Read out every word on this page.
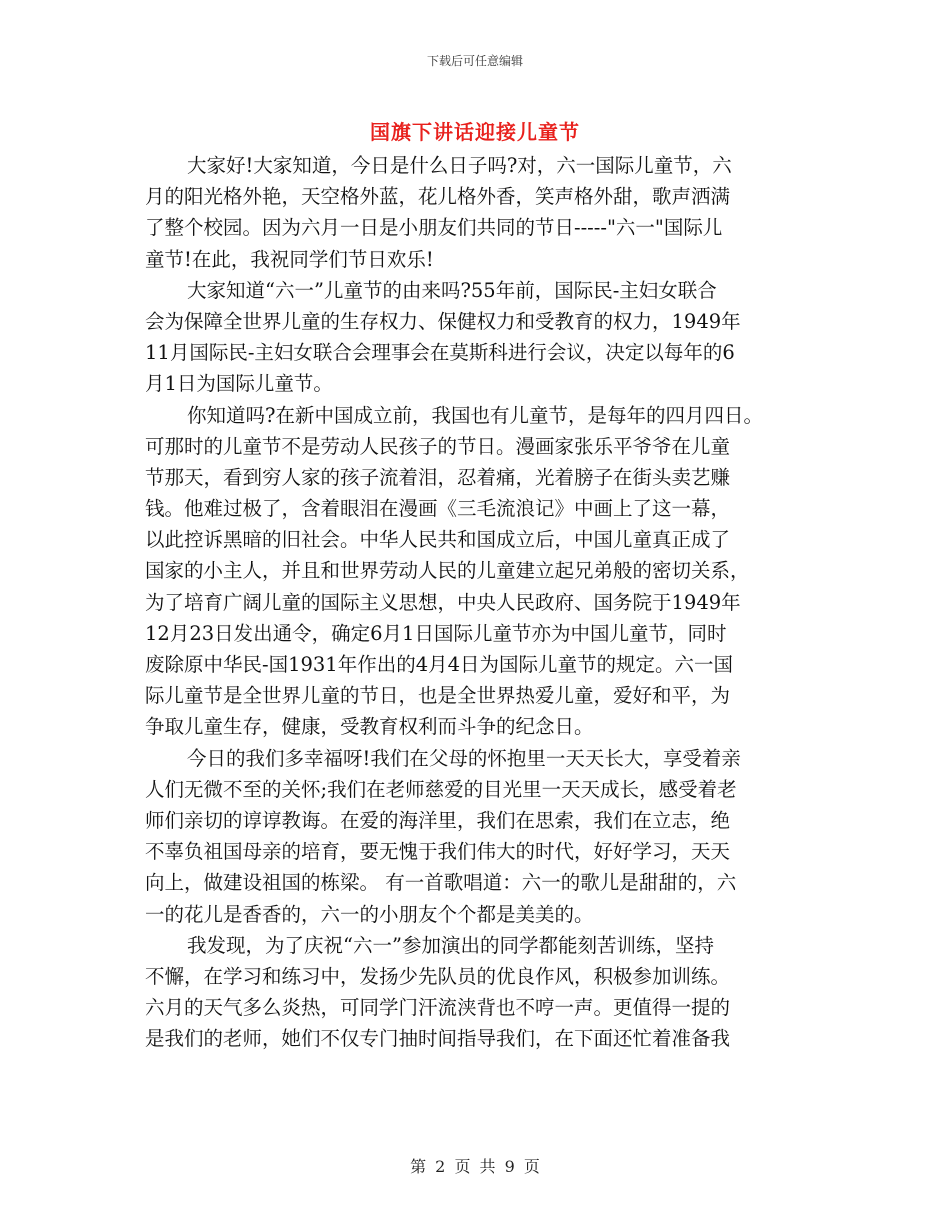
下载后可任意编辑
国旗下讲话迎接儿童节
大家好!大家知道，今日是什么日子吗?对，六一国际儿童节，六
月的阳光格外艳，天空格外蓝，花儿格外香，笑声格外甜，歌声洒满
了整个校园。因为六月一日是小朋友们共同的节日-----"六一"国际儿
童节!在此，我祝同学们节日欢乐!
大家知道“六一”儿童节的由来吗?55年前，国际民-主妇女联合
会为保障全世界儿童的生存权力、保健权力和受教育的权力，1949年
11月国际民-主妇女联合会理事会在莫斯科进行会议，决定以每年的6
月1日为国际儿童节。
你知道吗?在新中国成立前，我国也有儿童节，是每年的四月四日。
可那时的儿童节不是劳动人民孩子的节日。漫画家张乐平爷爷在儿童
节那天，看到穷人家的孩子流着泪，忍着痛，光着膀子在街头卖艺赚
钱。他难过极了，含着眼泪在漫画《三毛流浪记》中画上了这一幕，
以此控诉黑暗的旧社会。中华人民共和国成立后，中国儿童真正成了
国家的小主人，并且和世界劳动人民的儿童建立起兄弟般的密切关系，
为了培育广阔儿童的国际主义思想，中央人民政府、国务院于1949年
12月23日发出通令，确定6月1日国际儿童节亦为中国儿童节，同时
废除原中华民-国1931年作出的4月4日为国际儿童节的规定。六一国
际儿童节是全世界儿童的节日，也是全世界热爱儿童，爱好和平，为
争取儿童生存，健康，受教育权利而斗争的纪念日。
今日的我们多幸福呀!我们在父母的怀抱里一天天长大，享受着亲
人们无微不至的关怀;我们在老师慈爱的目光里一天天成长，感受着老
师们亲切的谆谆教诲。在爱的海洋里，我们在思索，我们在立志，绝
不辜负祖国母亲的培育，要无愧于我们伟大的时代，好好学习，天天
向上，做建设祖国的栋梁。 有一首歌唱道：六一的歌儿是甜甜的，六
一的花儿是香香的，六一的小朋友个个都是美美的。
我发现，为了庆祝“六一”参加演出的同学都能刻苦训练，坚持
不懈，在学习和练习中，发扬少先队员的优良作风，积极参加训练。
六月的天气多么炎热，可同学门汗流浃背也不哼一声。更值得一提的
是我们的老师，她们不仅专门抽时间指导我们，在下面还忙着准备我
第 2 页 共 9 页
